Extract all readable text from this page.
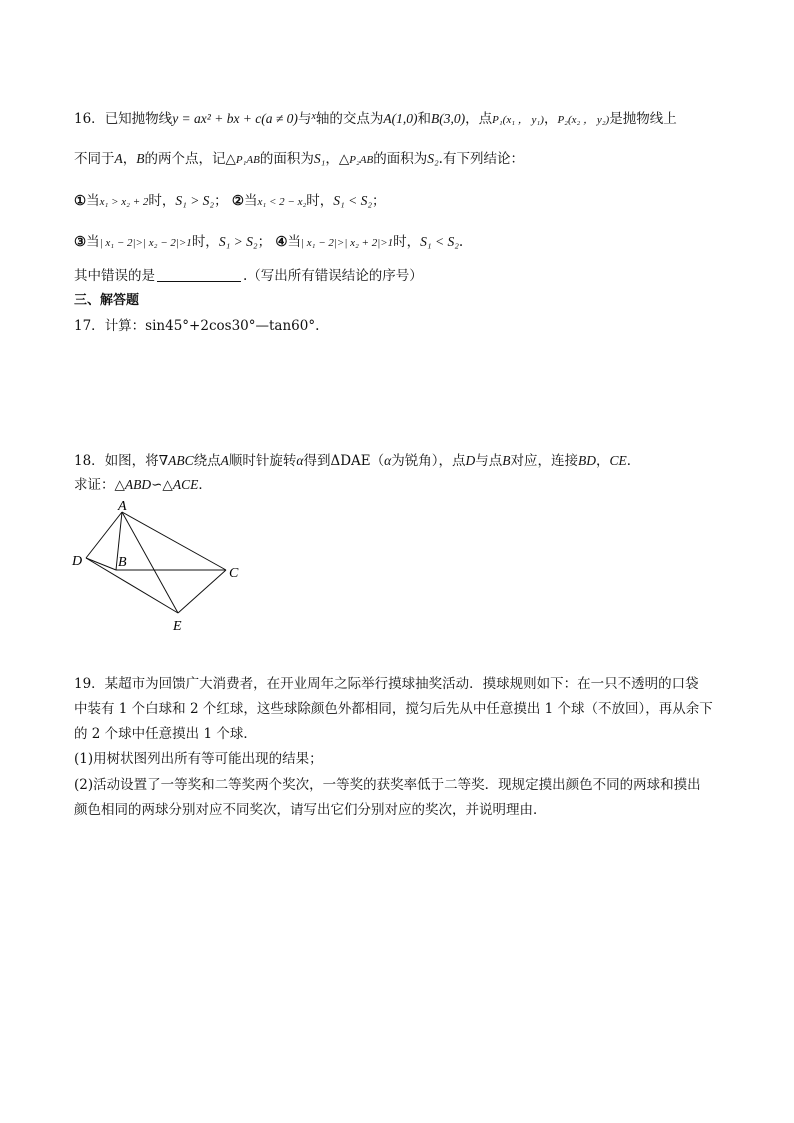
16．已知抛物线y = ax² + bx + c(a ≠ 0)与$^x$轴的交点为A(1,0)和B(3,0)，点P₁(x₁ ， y₁)，P₂(x₂ ， y₂)是抛物线上
不同于A，B的两个点，记△P₁AB的面积为S₁，△P₂AB的面积为S₂.有下列结论：
①当x₁ > x₂ + 2时，S₁ > S₂； ②当x₁ < 2 − x₂时，S₁ < S₂；
③当| x₁ − 2|>| x₂ − 2|>1时，S₁ > S₂； ④当| x₁ − 2|>| x₂ + 2|>1时，S₁ < S₂.
其中错误的是	.（写出所有错误结论的序号）
三、解答题
17．计算：sin45°+2cos30°—tan60°.
18．如图，将∇ABC绕点A顺时针旋转α得到ΔDAE（α为锐角），点D与点B对应，连接BD，CE．
求证：△ABD∽△ACE．
A
B
C
D
E
19．某超市为回馈广大消费者，在开业周年之际举行摸球抽奖活动．摸球规则如下：在一只不透明的口袋
中装有 1 个白球和 2 个红球，这些球除颜色外都相同，搅匀后先从中任意摸出 1 个球（不放回），再从余下
的 2 个球中任意摸出 1 个球．
(1)用树状图列出所有等可能出现的结果；
(2)活动设置了一等奖和二等奖两个奖次，一等奖的获奖率低于二等奖．现规定摸出颜色不同的两球和摸出
颜色相同的两球分别对应不同奖次，请写出它们分别对应的奖次，并说明理由．
